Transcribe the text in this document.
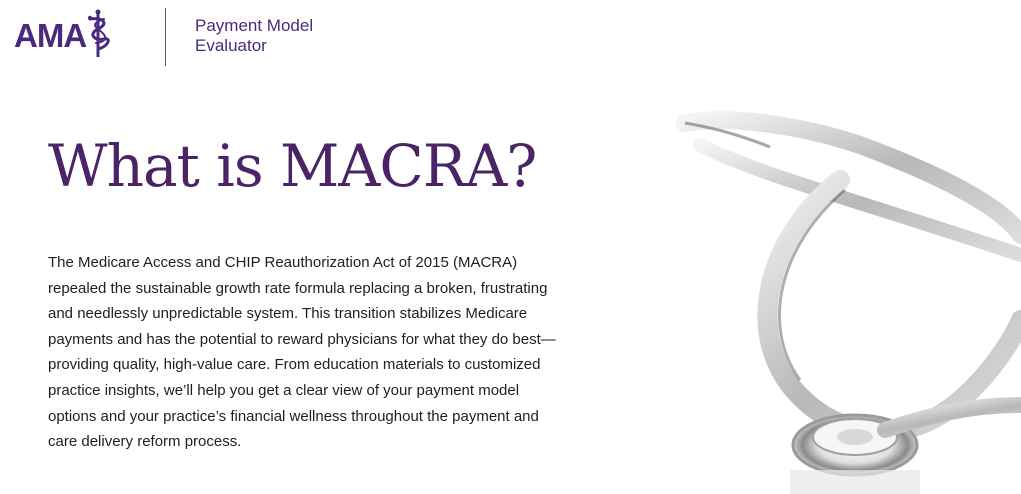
AMA	Payment Model
Evaluator
What is MACRA?

The Medicare Access and CHIP Reauthorization Act of 2015 (MACRA) repealed the sustainable growth rate formula replacing a broken, frustrating and needlessly unpredictable system. This transition stabilizes Medicare payments and has the potential to reward physicians for what they do best— providing quality, high-value care. From education materials to customized practice insights, we’ll help you get a clear view of your payment model options and your practice’s financial wellness throughout the payment and care delivery reform process.
